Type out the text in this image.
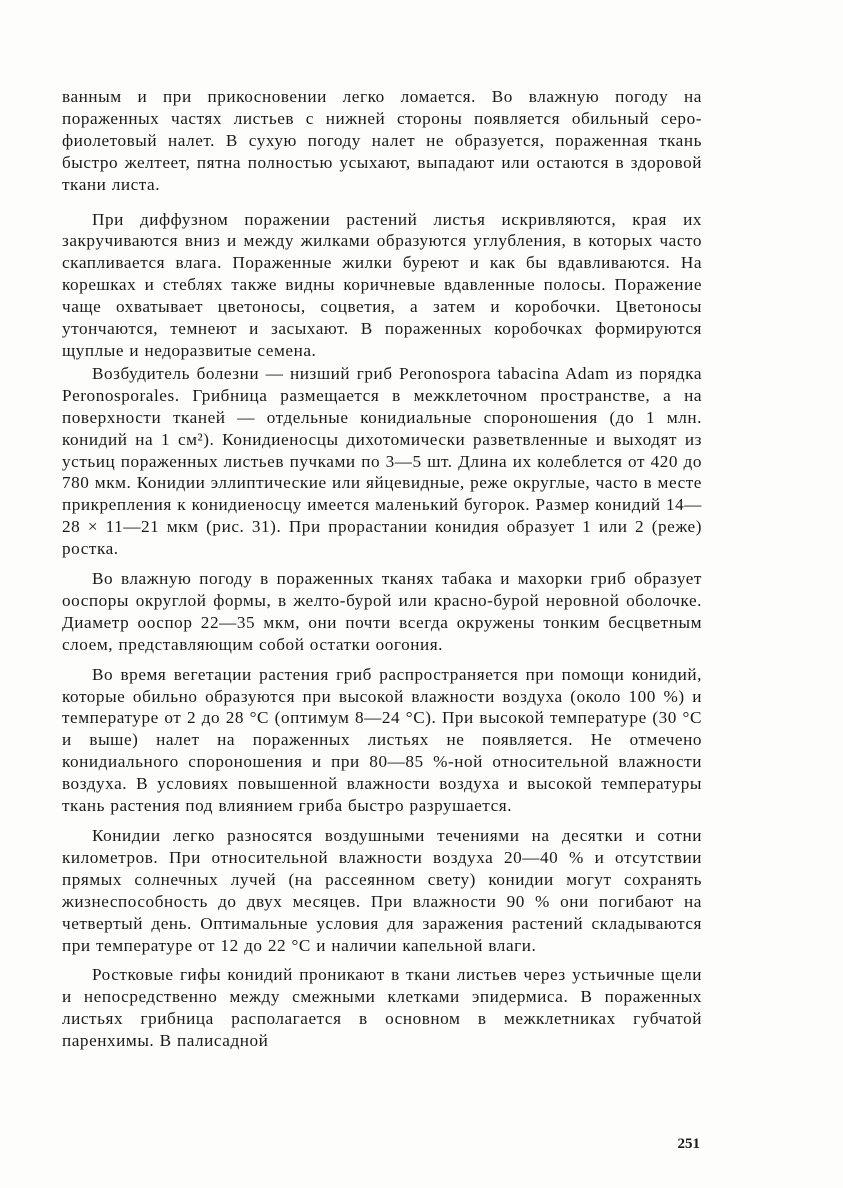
ванным и при прикосновении легко ломается. Во влажную погоду на пораженных частях листьев с нижней стороны появляется обильный серо-фиолетовый налет. В сухую погоду налет не образуется, пораженная ткань быстро желтеет, пятна полностью усыхают, выпадают или остаются в здоровой ткани листа.

При диффузном поражении растений листья искривляются, края их закручиваются вниз и между жилками образуются углубления, в которых часто скапливается влага. Пораженные жилки буреют и как бы вдавливаются. На корешках и стеблях также видны коричневые вдавленные полосы. Поражение чаще охватывает цветоносы, соцветия, а затем и коробочки. Цветоносы утончаются, темнеют и засыхают. В пораженных коробочках формируются щуплые и недоразвитые семена.

Возбудитель болезни — низший гриб Peronospora tabacina Adam из порядка Peronosporales. Грибница размещается в межклеточном пространстве, а на поверхности тканей — отдельные конидиальные спороношения (до 1 млн. конидий на 1 см²). Конидиеносцы дихотомически разветвленные и выходят из устьиц пораженных листьев пучками по 3—5 шт. Длина их колеблется от 420 до 780 мкм. Конидии эллиптические или яйцевидные, реже округлые, часто в месте прикрепления к конидиеносцу имеется маленький бугорок. Размер конидий 14—28 × 11—21 мкм (рис. 31). При прорастании конидия образует 1 или 2 (реже) ростка.

Во влажную погоду в пораженных тканях табака и махорки гриб образует ооспоры округлой формы, в желто-бурой или красно-бурой неровной оболочке. Диаметр ооспор 22—35 мкм, они почти всегда окружены тонким бесцветным слоем, представляющим собой остатки оогония.

Во время вегетации растения гриб распространяется при помощи конидий, которые обильно образуются при высокой влажности воздуха (около 100 %) и температуре от 2 до 28 °С (оптимум 8—24 °С). При высокой температуре (30 °С и выше) налет на пораженных листьях не появляется. Не отмечено конидиального спороношения и при 80—85 %-ной относительной влажности воздуха. В условиях повышенной влажности воздуха и высокой температуры ткань растения под влиянием гриба быстро разрушается.

Конидии легко разносятся воздушными течениями на десятки и сотни километров. При относительной влажности воздуха 20—40 % и отсутствии прямых солнечных лучей (на рассеянном свету) конидии могут сохранять жизнеспособность до двух месяцев. При влажности 90 % они погибают на четвертый день. Оптимальные условия для заражения растений складываются при температуре от 12 до 22 °С и наличии капельной влаги.

Ростковые гифы конидий проникают в ткани листьев через устьичные щели и непосредственно между смежными клетками эпидермиса. В пораженных листьях грибница располагается в основном в межклетниках губчатой паренхимы. В палисадной

251
